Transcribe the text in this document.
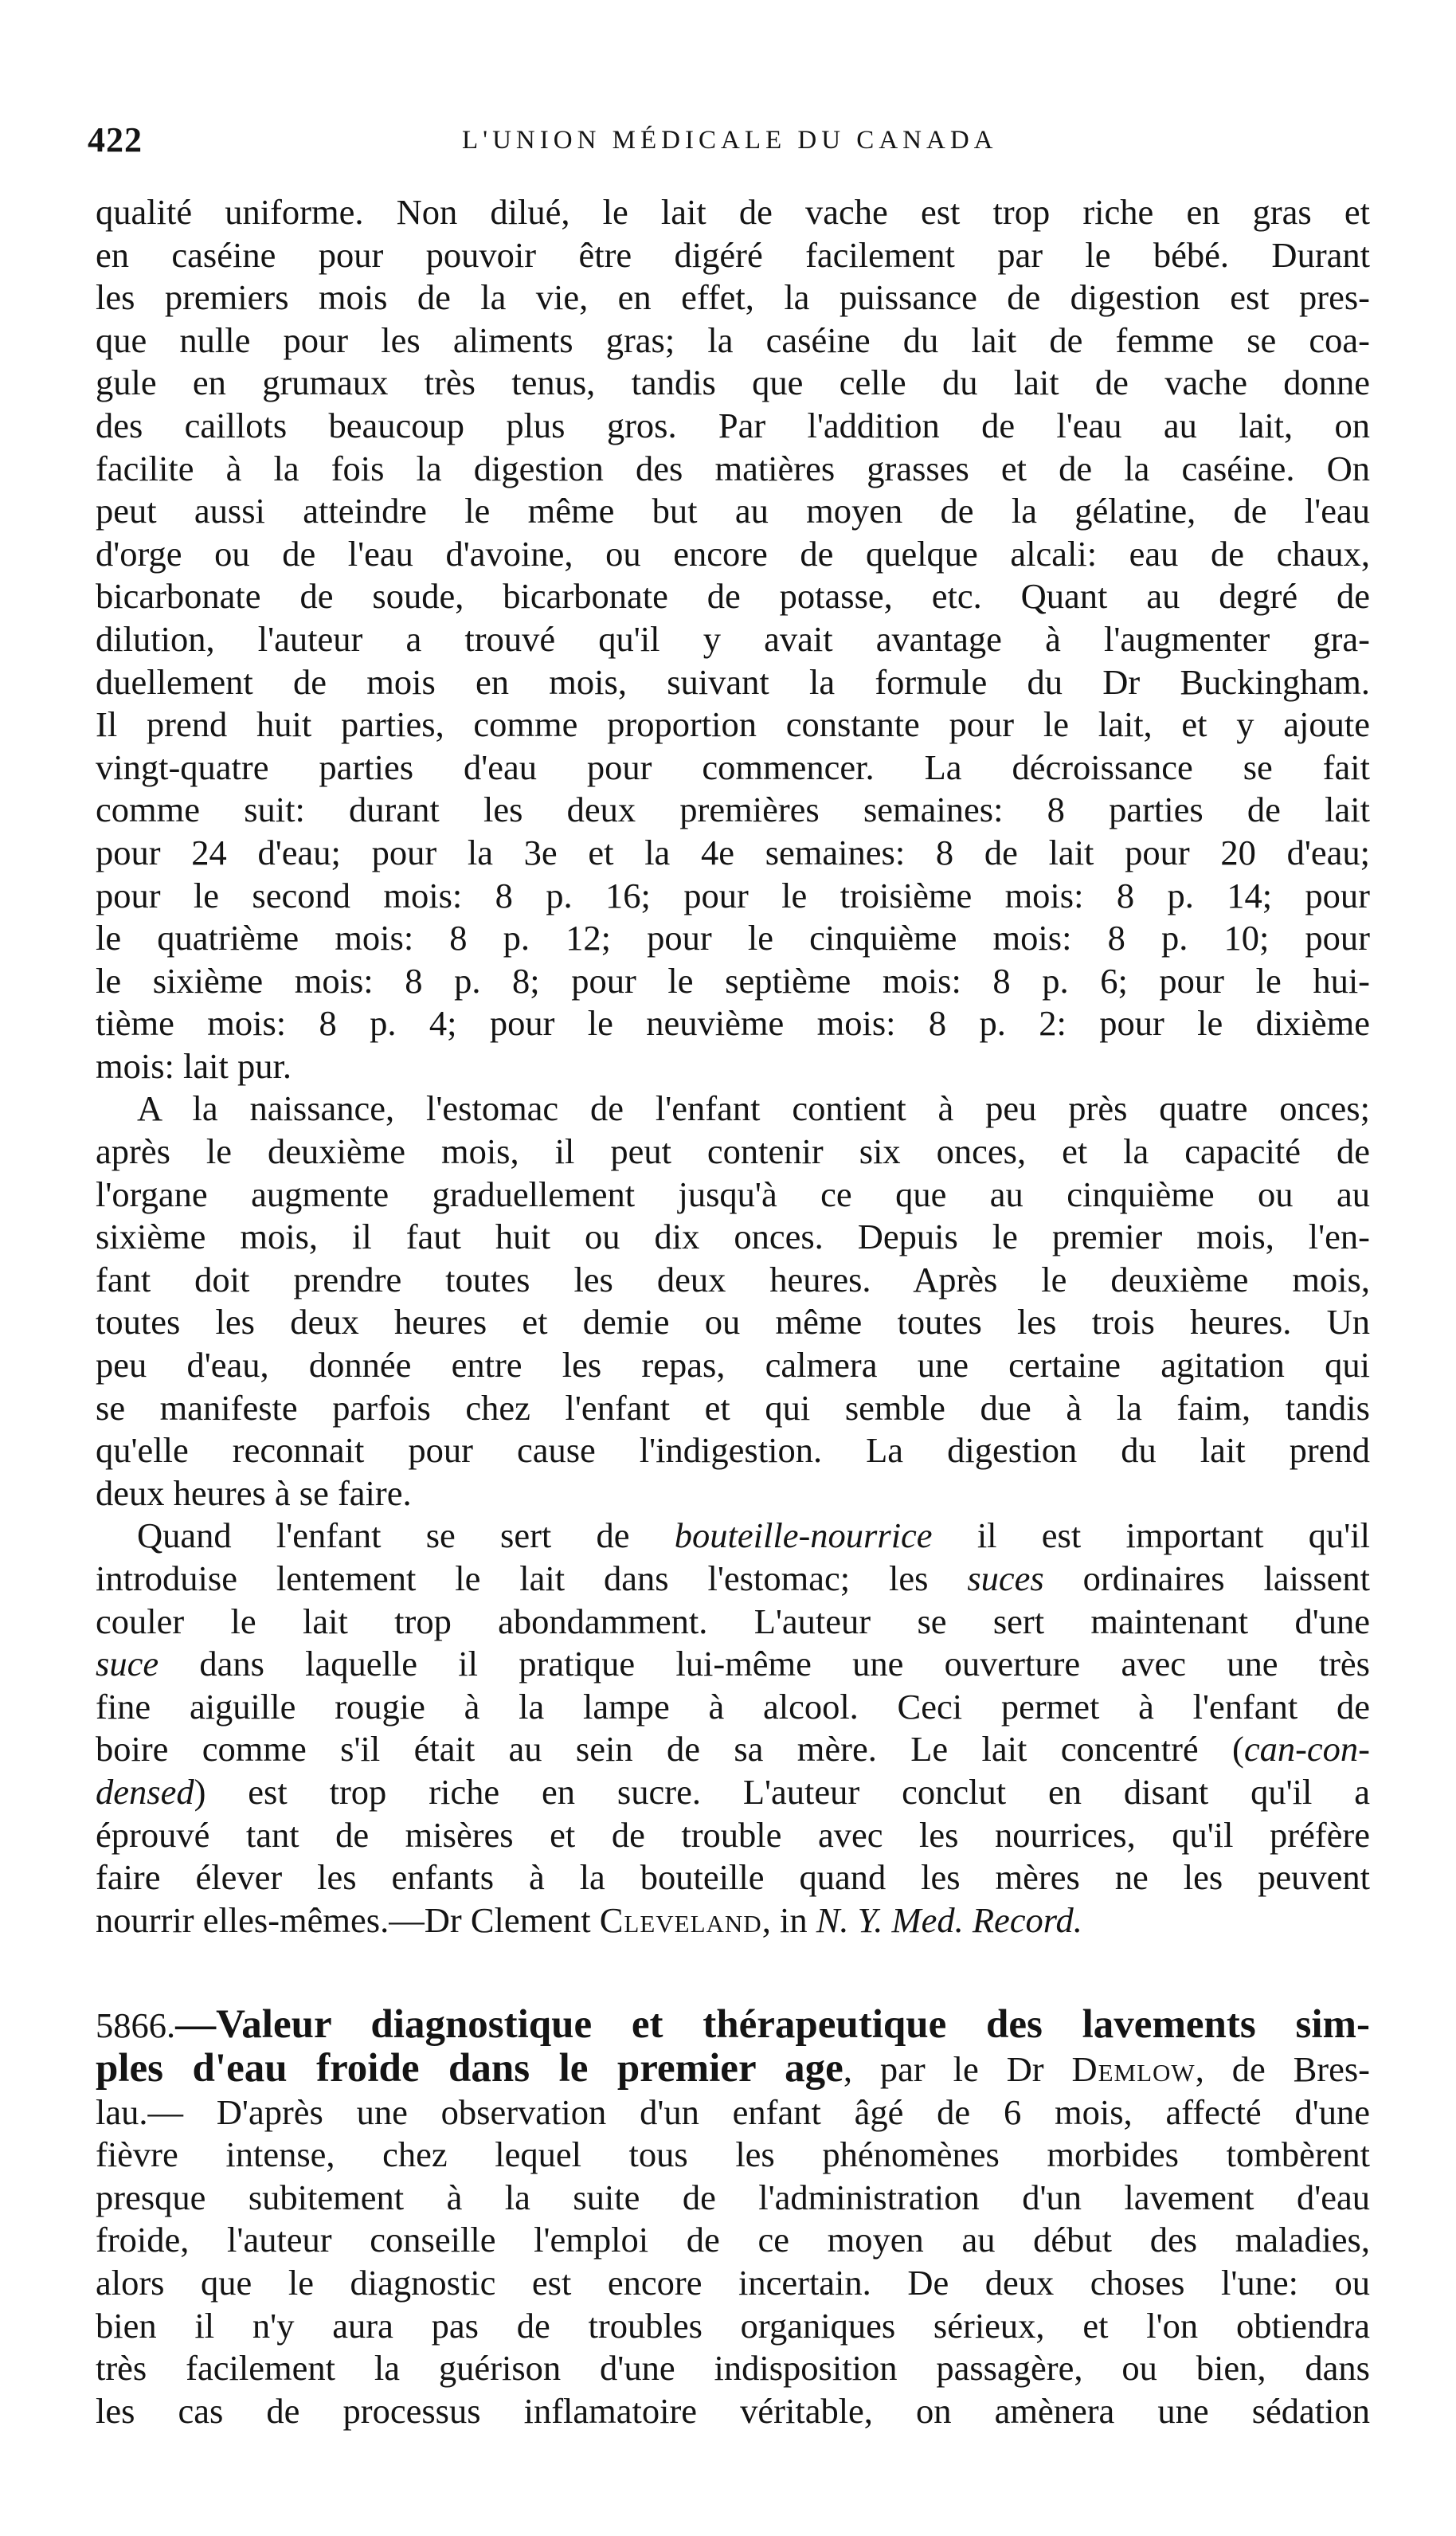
422	L'UNION MÉDICALE DU CANADA
qualité uniforme. Non dilué, le lait de vache est trop riche en gras et
en caséine pour pouvoir être digéré facilement par le bébé. Durant
les premiers mois de la vie, en effet, la puissance de digestion est pres-
que nulle pour les aliments gras; la caséine du lait de femme se coa-
gule en grumaux très tenus, tandis que celle du lait de vache donne
des caillots beaucoup plus gros. Par l'addition de l'eau au lait, on
facilite à la fois la digestion des matières grasses et de la caséine. On
peut aussi atteindre le même but au moyen de la gélatine, de l'eau
d'orge ou de l'eau d'avoine, ou encore de quelque alcali: eau de chaux,
bicarbonate de soude, bicarbonate de potasse, etc. Quant au degré de
dilution, l'auteur a trouvé qu'il y avait avantage à l'augmenter gra-
duellement de mois en mois, suivant la formule du Dr Buckingham.
Il prend huit parties, comme proportion constante pour le lait, et y ajoute
vingt-quatre parties d'eau pour commencer. La décroissance se fait
comme suit: durant les deux premières semaines: 8 parties de lait
pour 24 d'eau; pour la 3e et la 4e semaines: 8 de lait pour 20 d'eau;
pour le second mois: 8 p. 16; pour le troisième mois: 8 p. 14; pour
le quatrième mois: 8 p. 12; pour le cinquième mois: 8 p. 10; pour
le sixième mois: 8 p. 8; pour le septième mois: 8 p. 6; pour le hui-
tième mois: 8 p. 4; pour le neuvième mois: 8 p. 2: pour le dixième
mois: lait pur.
A la naissance, l'estomac de l'enfant contient à peu près quatre onces;
après le deuxième mois, il peut contenir six onces, et la capacité de
l'organe augmente graduellement jusqu'à ce que au cinquième ou au
sixième mois, il faut huit ou dix onces. Depuis le premier mois, l'en-
fant doit prendre toutes les deux heures. Après le deuxième mois,
toutes les deux heures et demie ou même toutes les trois heures. Un
peu d'eau, donnée entre les repas, calmera une certaine agitation qui
se manifeste parfois chez l'enfant et qui semble due à la faim, tandis
qu'elle reconnait pour cause l'indigestion. La digestion du lait prend
deux heures à se faire.
Quand l'enfant se sert de bouteille-nourrice il est important qu'il
introduise lentement le lait dans l'estomac; les suces ordinaires laissent
couler le lait trop abondamment. L'auteur se sert maintenant d'une
suce dans laquelle il pratique lui-même une ouverture avec une très
fine aiguille rougie à la lampe à alcool. Ceci permet à l'enfant de
boire comme s'il était au sein de sa mère. Le lait concentré (can-con-
densed) est trop riche en sucre. L'auteur conclut en disant qu'il a
éprouvé tant de misères et de trouble avec les nourrices, qu'il préfère
faire élever les enfants à la bouteille quand les mères ne les peuvent
nourrir elles-mêmes.—Dr Clement Cleveland, in N. Y. Med. Record.
5866.—Valeur diagnostique et thérapeutique des lavements sim-
ples d'eau froide dans le premier age, par le Dr Demlow, de Bres-
lau.— D'après une observation d'un enfant âgé de 6 mois, affecté d'une
fièvre intense, chez lequel tous les phénomènes morbides tombèrent
presque subitement à la suite de l'administration d'un lavement d'eau
froide, l'auteur conseille l'emploi de ce moyen au début des maladies,
alors que le diagnostic est encore incertain. De deux choses l'une: ou
bien il n'y aura pas de troubles organiques sérieux, et l'on obtiendra
très facilement la guérison d'une indisposition passagère, ou bien, dans
les cas de processus inflamatoire véritable, on amènera une sédation
